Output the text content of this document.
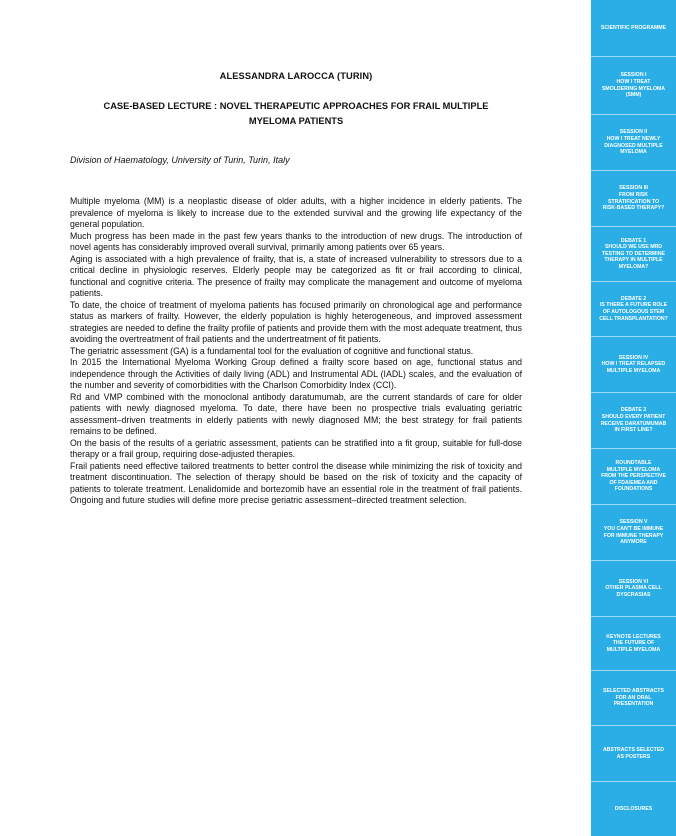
ALESSANDRA LAROCCA (TURIN)
CASE-BASED LECTURE : NOVEL THERAPEUTIC APPROACHES FOR FRAIL MULTIPLE MYELOMA PATIENTS
Division of Haematology, University of Turin, Turin, Italy

Multiple myeloma (MM) is a neoplastic disease of older adults, with a higher incidence in elderly patients. The prevalence of myeloma is likely to increase due to the extended survival and the growing life expectancy of the general population.

Much progress has been made in the past few years thanks to the introduction of new drugs. The introduction of novel agents has considerably improved overall survival, primarily among patients over 65 years.

Aging is associated with a high prevalence of frailty, that is, a state of increased vulnerability to stressors due to a critical decline in physiologic reserves. Elderly people may be categorized as fit or frail according to clinical, functional and cognitive criteria. The presence of frailty may complicate the management and outcome of myeloma patients.

To date, the choice of treatment of myeloma patients has focused primarily on chronological age and performance status as markers of frailty. However, the elderly population is highly heterogeneous, and improved assessment strategies are needed to define the frailty profile of patients and provide them with the most adequate treatment, thus avoiding the overtreatment of frail patients and the undertreatment of fit patients.

The geriatric assessment (GA) is a fundamental tool for the evaluation of cognitive and functional status.

In 2015 the International Myeloma Working Group defined a frailty score based on age, functional status and independence through the Activities of daily living (ADL) and Instrumental ADL (IADL) scales, and the evaluation of the number and severity of comorbidities with the Charlson Comorbidity Index (CCI).

Rd and VMP combined with the monoclonal antibody daratumumab, are the current standards of care for older patients with newly diagnosed myeloma. To date, there have been no prospective trials evaluating geriatric assessment–driven treatments in elderly patients with newly diagnosed MM; the best strategy for frail patients remains to be defined.

On the basis of the results of a geriatric assessment, patients can be stratified into a fit group, suitable for full-dose therapy or a frail group, requiring dose-adjusted therapies.

Frail patients need effective tailored treatments to better control the disease while minimizing the risk of toxicity and treatment discontinuation. The selection of therapy should be based on the risk of toxicity and the capacity of patients to tolerate treatment. Lenalidomide and bortezomib have an essential role in the treatment of frail patients. Ongoing and future studies will define more precise geriatric assessment–directed treatment selection.

SCIENTIFIC PROGRAMME
SESSION I
HOW I TREAT
SMOLDERING MYELOMA
(SMM)
SESSION II
HOW I TREAT NEWLY
DIAGNOSED MULTIPLE
MYELOMA
SESSION III
FROM RISK
STRATIFICATION TO
RISK-BASED THERAPY?
DEBATE 1
SHOULD WE USE MRD
TESTING TO DETERMINE
THERAPY IN MULTIPLE
MYELOMA?
DEBATE 2
IS THERE A FUTURE ROLE
OF AUTOLOGOUS STEM
CELL TRANSPLANTATION?
SESSION IV
HOW I TREAT RELAPSED
MULTIPLE MYELOMA
DEBATE 3
SHOULD EVERY PATIENT
RECEIVE DARATUMUMAB
IN FIRST LINE?
ROUNDTABLE
MULTIPLE MYELOMA
FROM THE PERSPECTIVE
OF FDA/EMEA AND
FOUNDATIONS
SESSION V
YOU CAN'T BE IMMUNE
FOR IMMUNE THERAPY
ANYMORE
SESSION VI
OTHER PLASMA CELL
DYSCRASIAS
KEYNOTE LECTURES
THE FUTURE OF
MULTIPLE MYELOMA
SELECTED ABSTRACTS
FOR AN ORAL
PRESENTATION
ABSTRACTS SELECTED
AS POSTERS
DISCLOSURES
